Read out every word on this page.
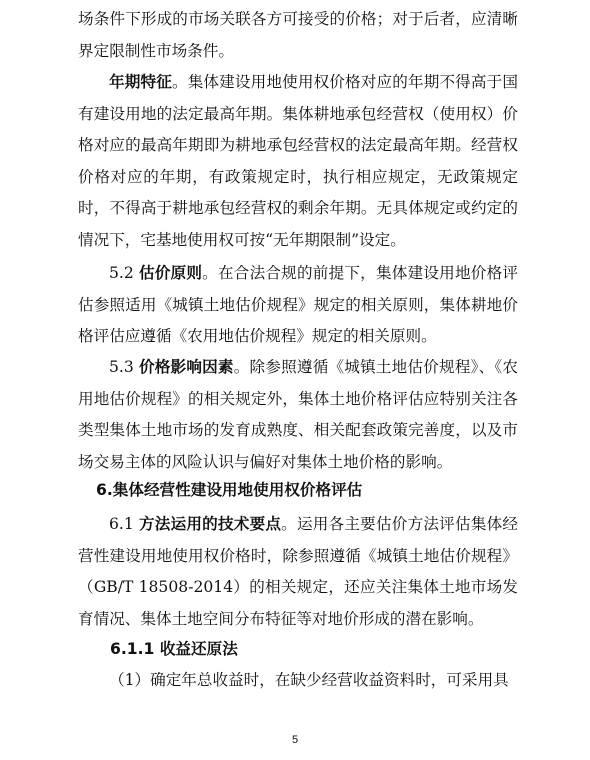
场条件下形成的市场关联各方可接受的价格；对于后者，应清晰界定限制性市场条件。

年期特征。集体建设用地使用权价格对应的年期不得高于国有建设用地的法定最高年期。集体耕地承包经营权（使用权）价格对应的最高年期即为耕地承包经营权的法定最高年期。经营权价格对应的年期，有政策规定时，执行相应规定，无政策规定时，不得高于耕地承包经营权的剩余年期。无具体规定或约定的情况下，宅基地使用权可按“无年期限制”设定。

5.2 估价原则。在合法合规的前提下，集体建设用地价格评估参照适用《城镇土地估价规程》规定的相关原则，集体耕地价格评估应遵循《农用地估价规程》规定的相关原则。

5.3 价格影响因素。除参照遵循《城镇土地估价规程》、《农用地估价规程》的相关规定外，集体土地价格评估应特别关注各类型集体土地市场的发育成熟度、相关配套政策完善度，以及市场交易主体的风险认识与偏好对集体土地价格的影响。

6.集体经营性建设用地使用权价格评估

6.1 方法运用的技术要点。运用各主要估价方法评估集体经营性建设用地使用权价格时，除参照遵循《城镇土地估价规程》（GB/T 18508-2014）的相关规定，还应关注集体土地市场发育情况、集体土地空间分布特征等对地价形成的潜在影响。

6.1.1 收益还原法

（1）确定年总收益时，在缺少经营收益资料时，可采用具

5
